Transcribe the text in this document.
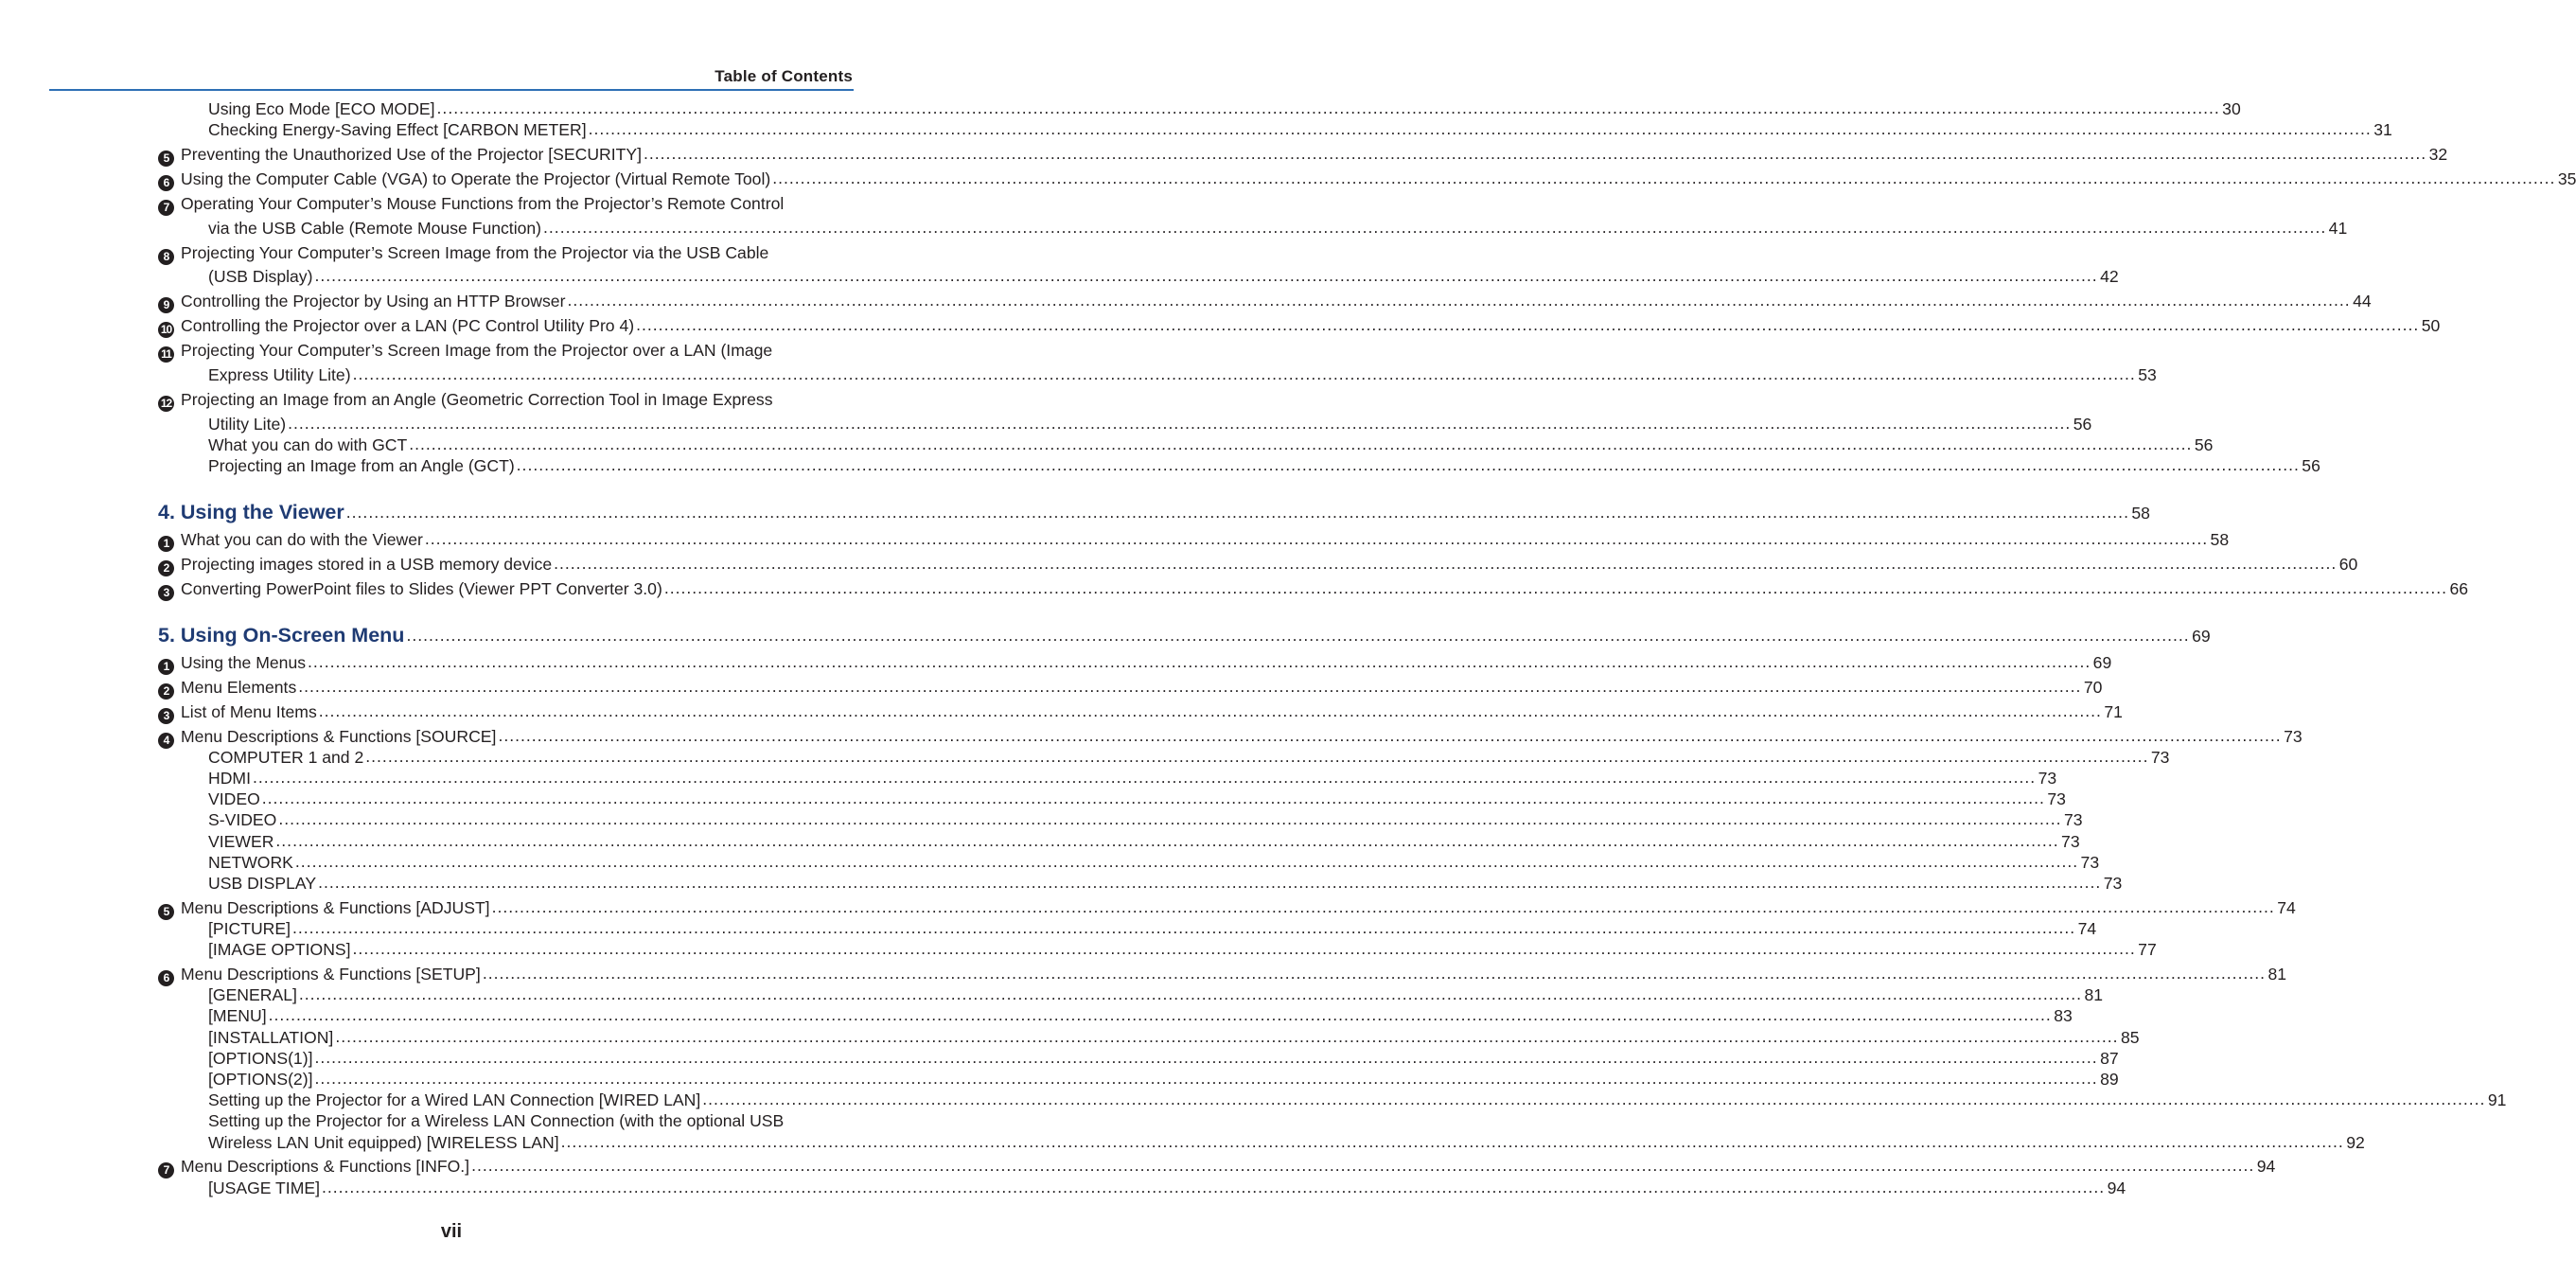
Table of Contents
Using Eco Mode [ECO MODE] .....	30
Checking Energy-Saving Effect [CARBON METER] .....	31
5 Preventing the Unauthorized Use of the Projector [SECURITY] .....	32
6 Using the Computer Cable (VGA) to Operate the Projector (Virtual Remote Tool) .....	35
7 Operating Your Computer’s Mouse Functions from the Projector’s Remote Control
via the USB Cable (Remote Mouse Function) .....	41
8 Projecting Your Computer’s Screen Image from the Projector via the USB Cable
(USB Display) .....	42
9 Controlling the Projector by Using an HTTP Browser .....	44
10 Controlling the Projector over a LAN (PC Control Utility Pro 4) .....	50
11 Projecting Your Computer’s Screen Image from the Projector over a LAN (Image
Express Utility Lite) .....	53
12 Projecting an Image from an Angle (Geometric Correction Tool in Image Express
Utility Lite) .....	56
What you can do with GCT .....	56
Projecting an Image from an Angle (GCT) .....	56
4. Using the Viewer .....	58
1 What you can do with the Viewer .....	58
2 Projecting images stored in a USB memory device .....	60
3 Converting PowerPoint files to Slides (Viewer PPT Converter 3.0) .....	66
5. Using On-Screen Menu .....	69
1 Using the Menus .....	69
2 Menu Elements .....	70
3 List of Menu Items .....	71
4 Menu Descriptions & Functions [SOURCE] .....	73
COMPUTER 1 and 2 .....	73
HDMI .....	73
VIDEO .....	73
S-VIDEO .....	73
VIEWER .....	73
NETWORK .....	73
USB DISPLAY .....	73
5 Menu Descriptions & Functions [ADJUST] .....	74
[PICTURE] .....	74
[IMAGE OPTIONS] .....	77
6 Menu Descriptions & Functions [SETUP] .....	81
[GENERAL] .....	81
[MENU] .....	83
[INSTALLATION] .....	85
[OPTIONS(1)] .....	87
[OPTIONS(2)] .....	89
Setting up the Projector for a Wired LAN Connection [WIRED LAN] .....	91
Setting up the Projector for a Wireless LAN Connection (with the optional USB
Wireless LAN Unit equipped) [WIRELESS LAN] .....	92
7 Menu Descriptions & Functions [INFO.] .....	94
[USAGE TIME] .....	94
vii
